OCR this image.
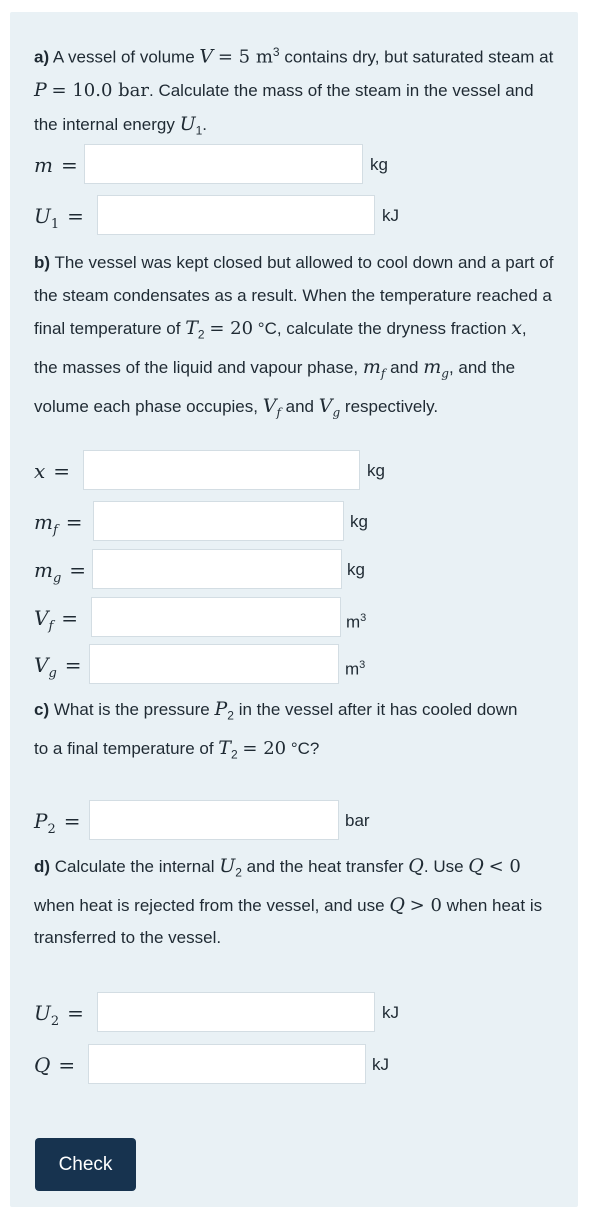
a) A vessel of volume V = 5 $m^3$ contains dry, but saturated steam at P = 10.0 bar. Calculate the mass of the steam in the vessel and the internal energy $U_1$.
m =	kg
$U_1$ =	kJ
b) The vessel was kept closed but allowed to cool down and a part of the steam condensates as a result. When the temperature reached a final temperature of $T_2 = 20$ °C, calculate the dryness fraction x, the masses of the liquid and vapour phase, $m_f$ and $m_g$, and the volume each phase occupies, $V_f$ and $V_g$ respectively.
x =	kg
$m_f$ =	kg
$m_g$ =	kg
$V_f$ =	$m^3$
$V_g$ =	$m^3$
c) What is the pressure $P_2$ in the vessel after it has cooled down to a final temperature of $T_2 = 20$ °C?
$P_2$ =	bar
d) Calculate the internal $U_2$ and the heat transfer Q. Use Q < 0 when heat is rejected from the vessel, and use Q > 0 when heat is transferred to the vessel.
$U_2$ =	kJ
Q =	kJ
Check
